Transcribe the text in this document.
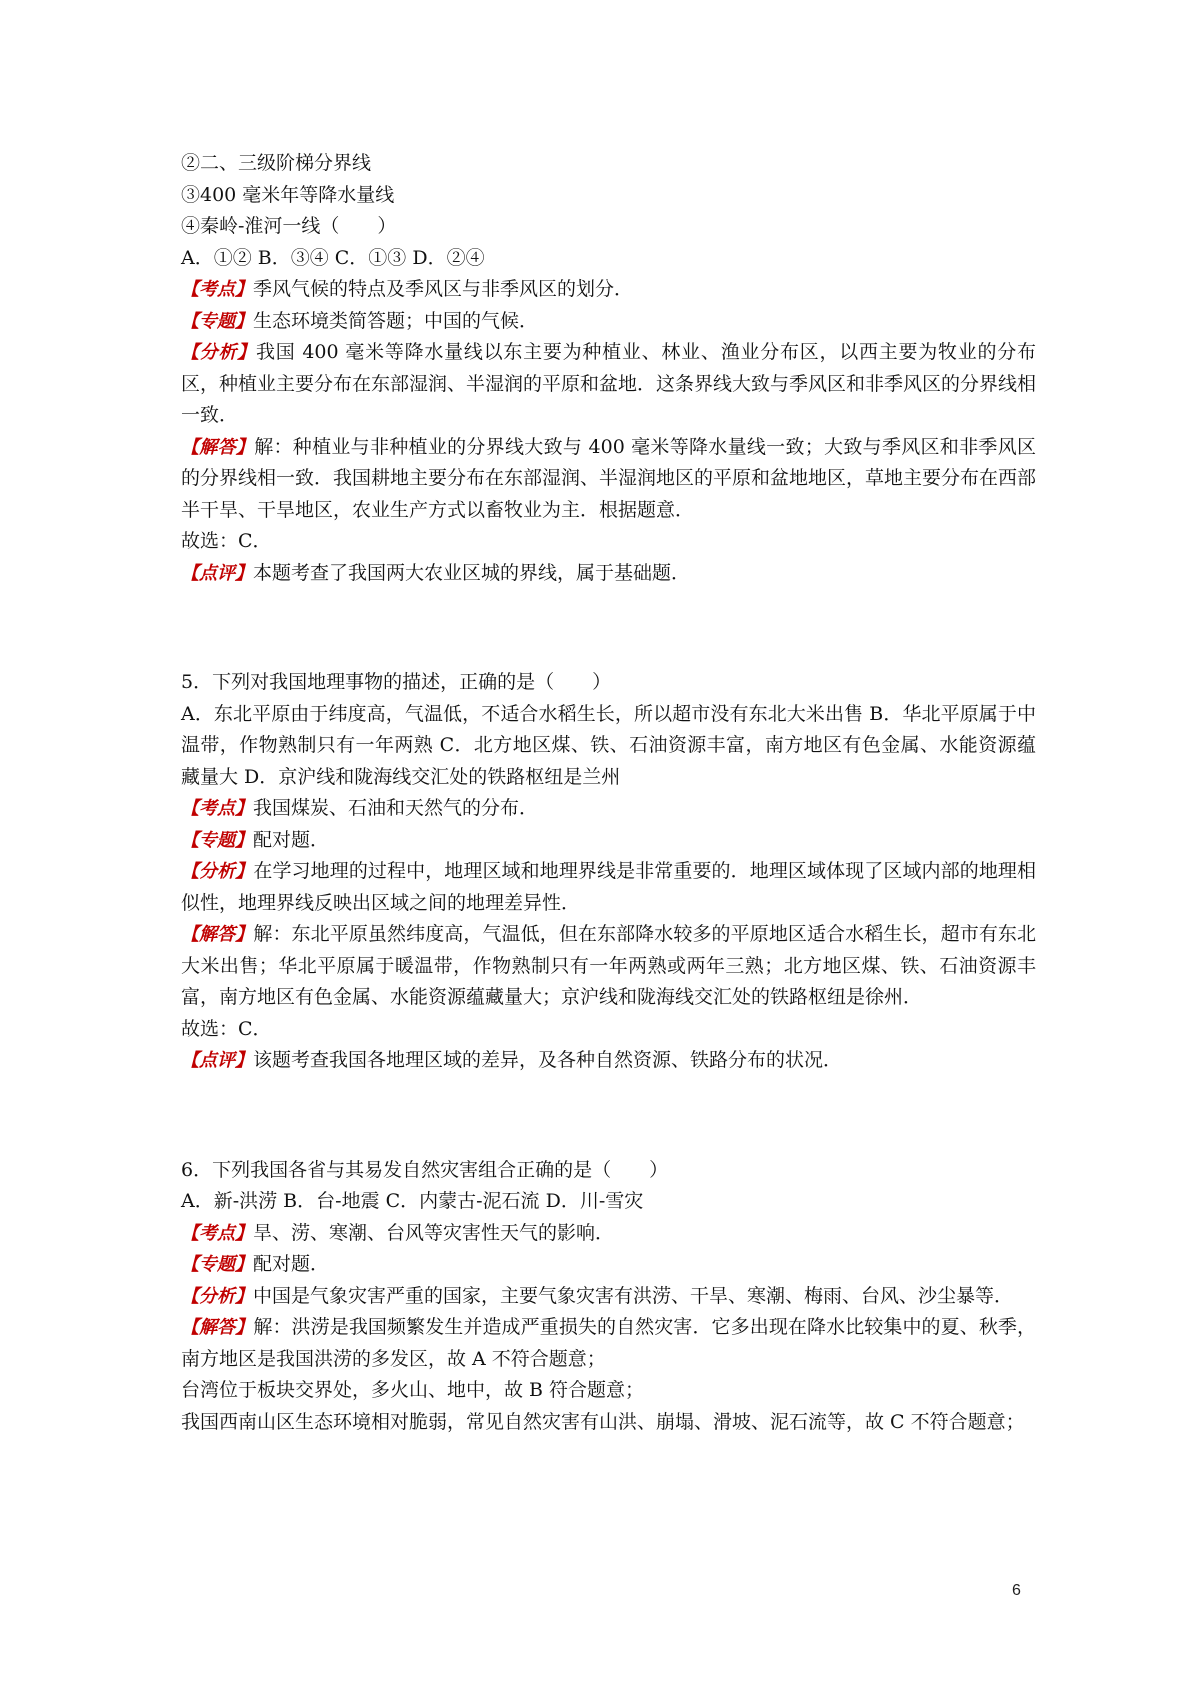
②二、三级阶梯分界线
③400 毫米年等降水量线
④秦岭-淮河一线（　　）
A．①② B．③④ C．①③ D．②④
【考点】季风气候的特点及季风区与非季风区的划分．
【专题】生态环境类简答题；中国的气候．
【分析】我国 400 毫米等降水量线以东主要为种植业、林业、渔业分布区，以西主要为牧业的分布区，种植业主要分布在东部湿润、半湿润的平原和盆地．这条界线大致与季风区和非季风区的分界线相一致．
【解答】解：种植业与非种植业的分界线大致与 400 毫米等降水量线一致；大致与季风区和非季风区的分界线相一致．我国耕地主要分布在东部湿润、半湿润地区的平原和盆地地区，草地主要分布在西部半干旱、干旱地区，农业生产方式以畜牧业为主．根据题意．
故选：C．
【点评】本题考查了我国两大农业区城的界线，属于基础题．
5．下列对我国地理事物的描述，正确的是（　　）
A．东北平原由于纬度高，气温低，不适合水稻生长，所以超市没有东北大米出售 B．华北平原属于中温带，作物熟制只有一年两熟 C．北方地区煤、铁、石油资源丰富，南方地区有色金属、水能资源蕴藏量大 D．京沪线和陇海线交汇处的铁路枢纽是兰州
【考点】我国煤炭、石油和天然气的分布．
【专题】配对题．
【分析】在学习地理的过程中，地理区域和地理界线是非常重要的．地理区域体现了区域内部的地理相似性，地理界线反映出区域之间的地理差异性．
【解答】解：东北平原虽然纬度高，气温低，但在东部降水较多的平原地区适合水稻生长，超市有东北大米出售；华北平原属于暖温带，作物熟制只有一年两熟或两年三熟；北方地区煤、铁、石油资源丰富，南方地区有色金属、水能资源蕴藏量大；京沪线和陇海线交汇处的铁路枢纽是徐州．
故选：C．
【点评】该题考查我国各地理区域的差异，及各种自然资源、铁路分布的状况．
6．下列我国各省与其易发自然灾害组合正确的是（　　）
A．新-洪涝 B．台-地震 C．内蒙古-泥石流 D．川-雪灾
【考点】旱、涝、寒潮、台风等灾害性天气的影响．
【专题】配对题．
【分析】中国是气象灾害严重的国家，主要气象灾害有洪涝、干旱、寒潮、梅雨、台风、沙尘暴等．
【解答】解：洪涝是我国频繁发生并造成严重损失的自然灾害．它多出现在降水比较集中的夏、秋季，南方地区是我国洪涝的多发区，故 A 不符合题意；
台湾位于板块交界处，多火山、地中，故 B 符合题意；
我国西南山区生态环境相对脆弱，常见自然灾害有山洪、崩塌、滑坡、泥石流等，故 C 不符合题意；
6
